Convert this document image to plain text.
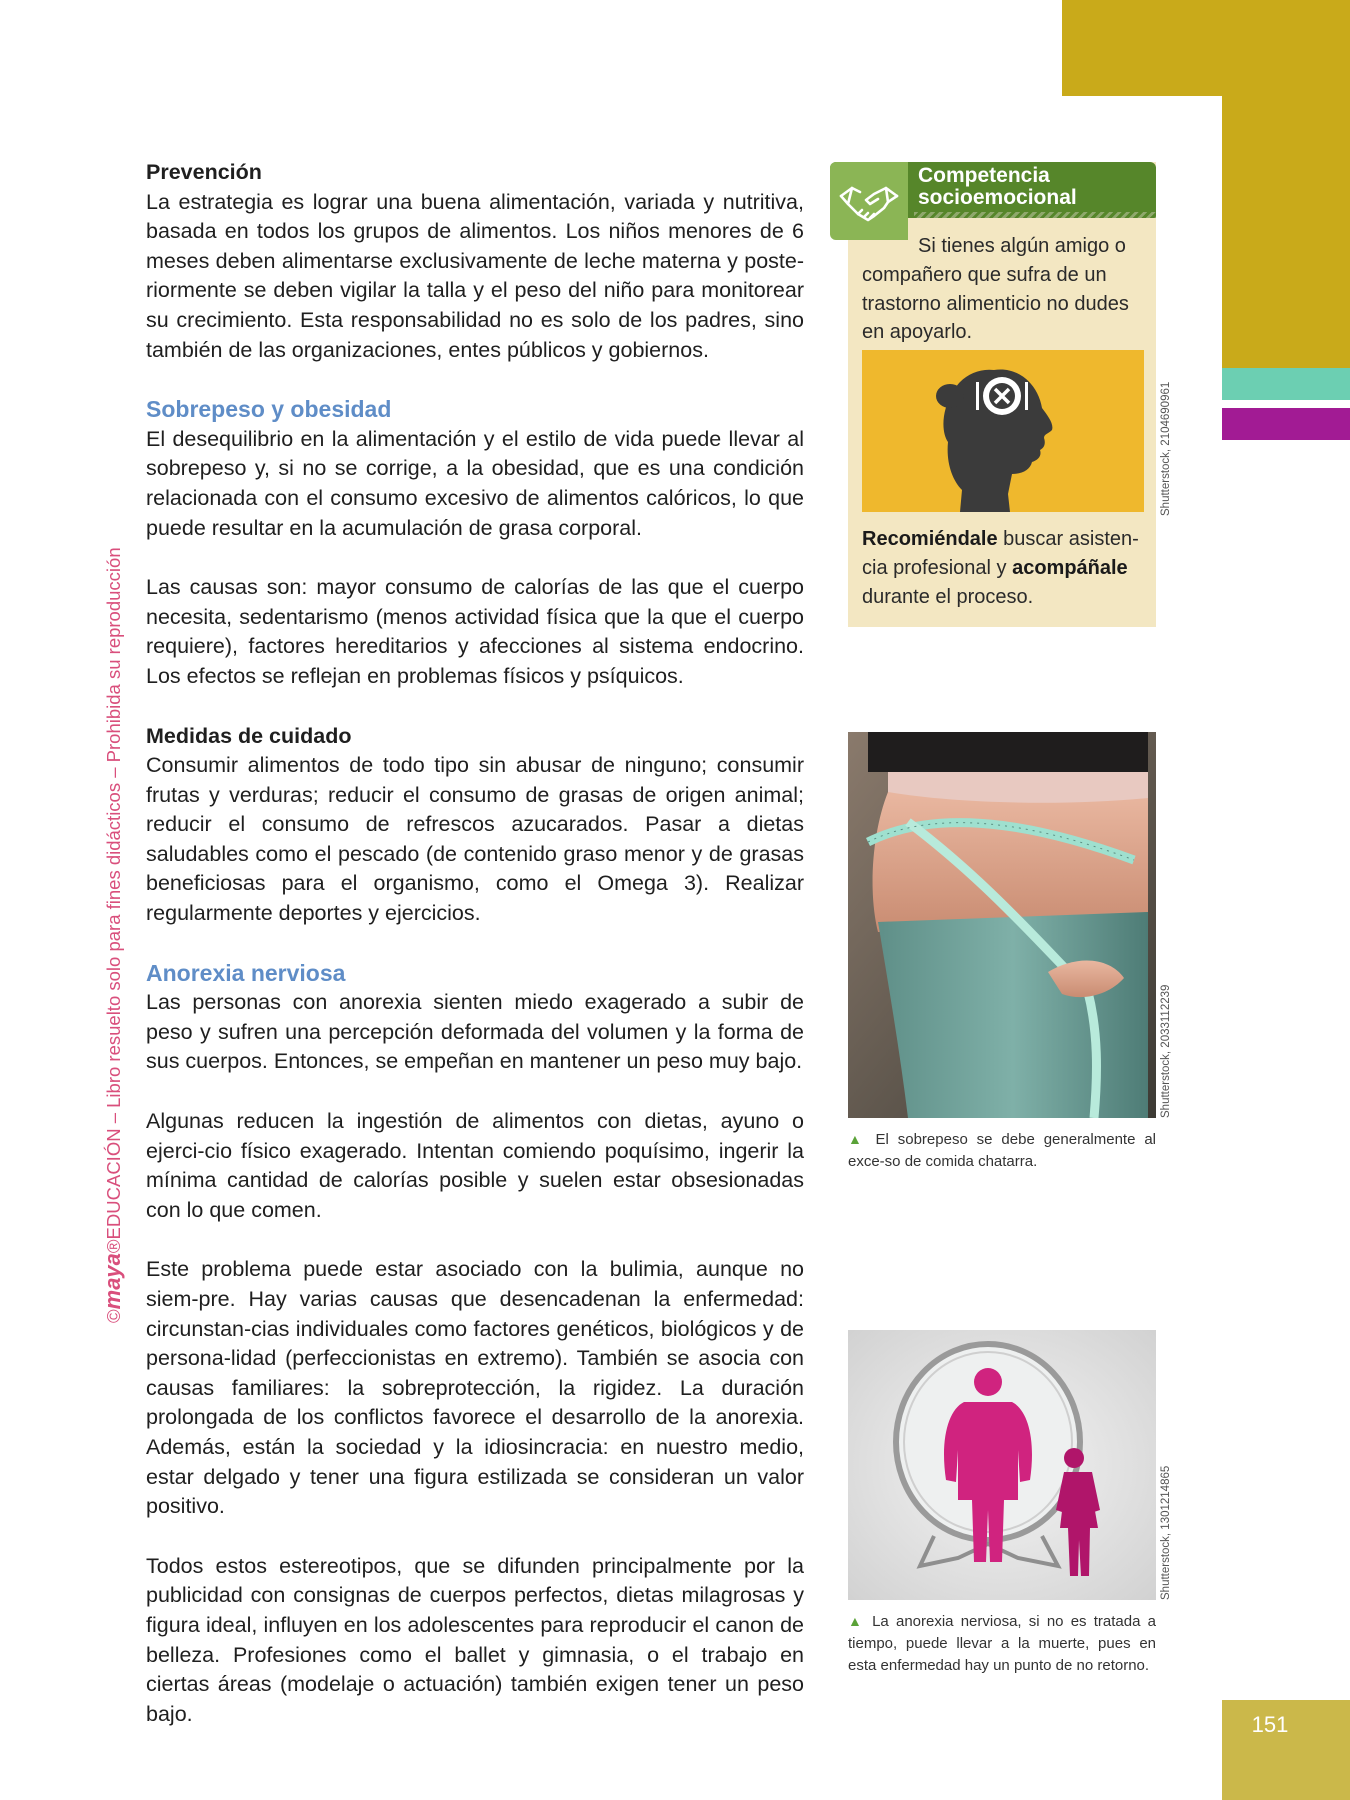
151
©maya®EDUCACIÓN – Libro resuelto solo para fines didácticos – Prohibida su reproducción
Prevención

La estrategia es lograr una buena alimentación, variada y nutritiva, basada en todos los grupos de alimentos. Los niños menores de 6 meses deben alimentarse exclusivamente de leche materna y poste-riormente se deben vigilar la talla y el peso del niño para monitorear su crecimiento. Esta responsabilidad no es solo de los padres, sino también de las organizaciones, entes públicos y gobiernos.

Sobrepeso y obesidad

El desequilibrio en la alimentación y el estilo de vida puede llevar al sobrepeso y, si no se corrige, a la obesidad, que es una condición relacionada con el consumo excesivo de alimentos calóricos, lo que puede resultar en la acumulación de grasa corporal.

Las causas son: mayor consumo de calorías de las que el cuerpo necesita, sedentarismo (menos actividad física que la que el cuerpo requiere), factores hereditarios y afecciones al sistema endocrino. Los efectos se reflejan en problemas físicos y psíquicos.

Medidas de cuidado

Consumir alimentos de todo tipo sin abusar de ninguno; consumir frutas y verduras; reducir el consumo de grasas de origen animal; reducir el consumo de refrescos azucarados. Pasar a dietas saludables como el pescado (de contenido graso menor y de grasas beneficiosas para el organismo, como el Omega 3). Realizar regularmente deportes y ejercicios.

Anorexia nerviosa

Las personas con anorexia sienten miedo exagerado a subir de peso y sufren una percepción deformada del volumen y la forma de sus cuerpos. Entonces, se empeñan en mantener un peso muy bajo.

Algunas reducen la ingestión de alimentos con dietas, ayuno o ejerci-cio físico exagerado. Intentan comiendo poquísimo, ingerir la mínima cantidad de calorías posible y suelen estar obsesionadas con lo que comen.

Este problema puede estar asociado con la bulimia, aunque no siem-pre. Hay varias causas que desencadenan la enfermedad: circunstan-cias individuales como factores genéticos, biológicos y de persona-lidad (perfeccionistas en extremo). También se asocia con causas familiares: la sobreprotección, la rigidez. La duración prolongada de los conflictos favorece el desarrollo de la anorexia. Además, están la sociedad y la idiosincracia: en nuestro medio, estar delgado y tener una figura estilizada se consideran un valor positivo.

Todos estos estereotipos, que se difunden principalmente por la publicidad con consignas de cuerpos perfectos, dietas milagrosas y figura ideal, influyen en los adolescentes para reproducir el canon de belleza. Profesiones como el ballet y gimnasia, o el trabajo en ciertas áreas (modelaje o actuación) también exigen tener un peso bajo.

Competencia
socioemocional
Si tienes algún amigo o compañero que sufra de un trastorno alimenticio no dudes en apoyarlo.
Shutterstock, 2104690961
Recomiéndale buscar asisten-cia profesional y acompáñale durante el proceso.
Shutterstock, 2033112239
▲ El sobrepeso se debe generalmente al exce-so de comida chatarra.
Shutterstock, 1301214865
▲ La anorexia nerviosa, si no es tratada a tiempo, puede llevar a la muerte, pues en esta enfermedad hay un punto de no retorno.
